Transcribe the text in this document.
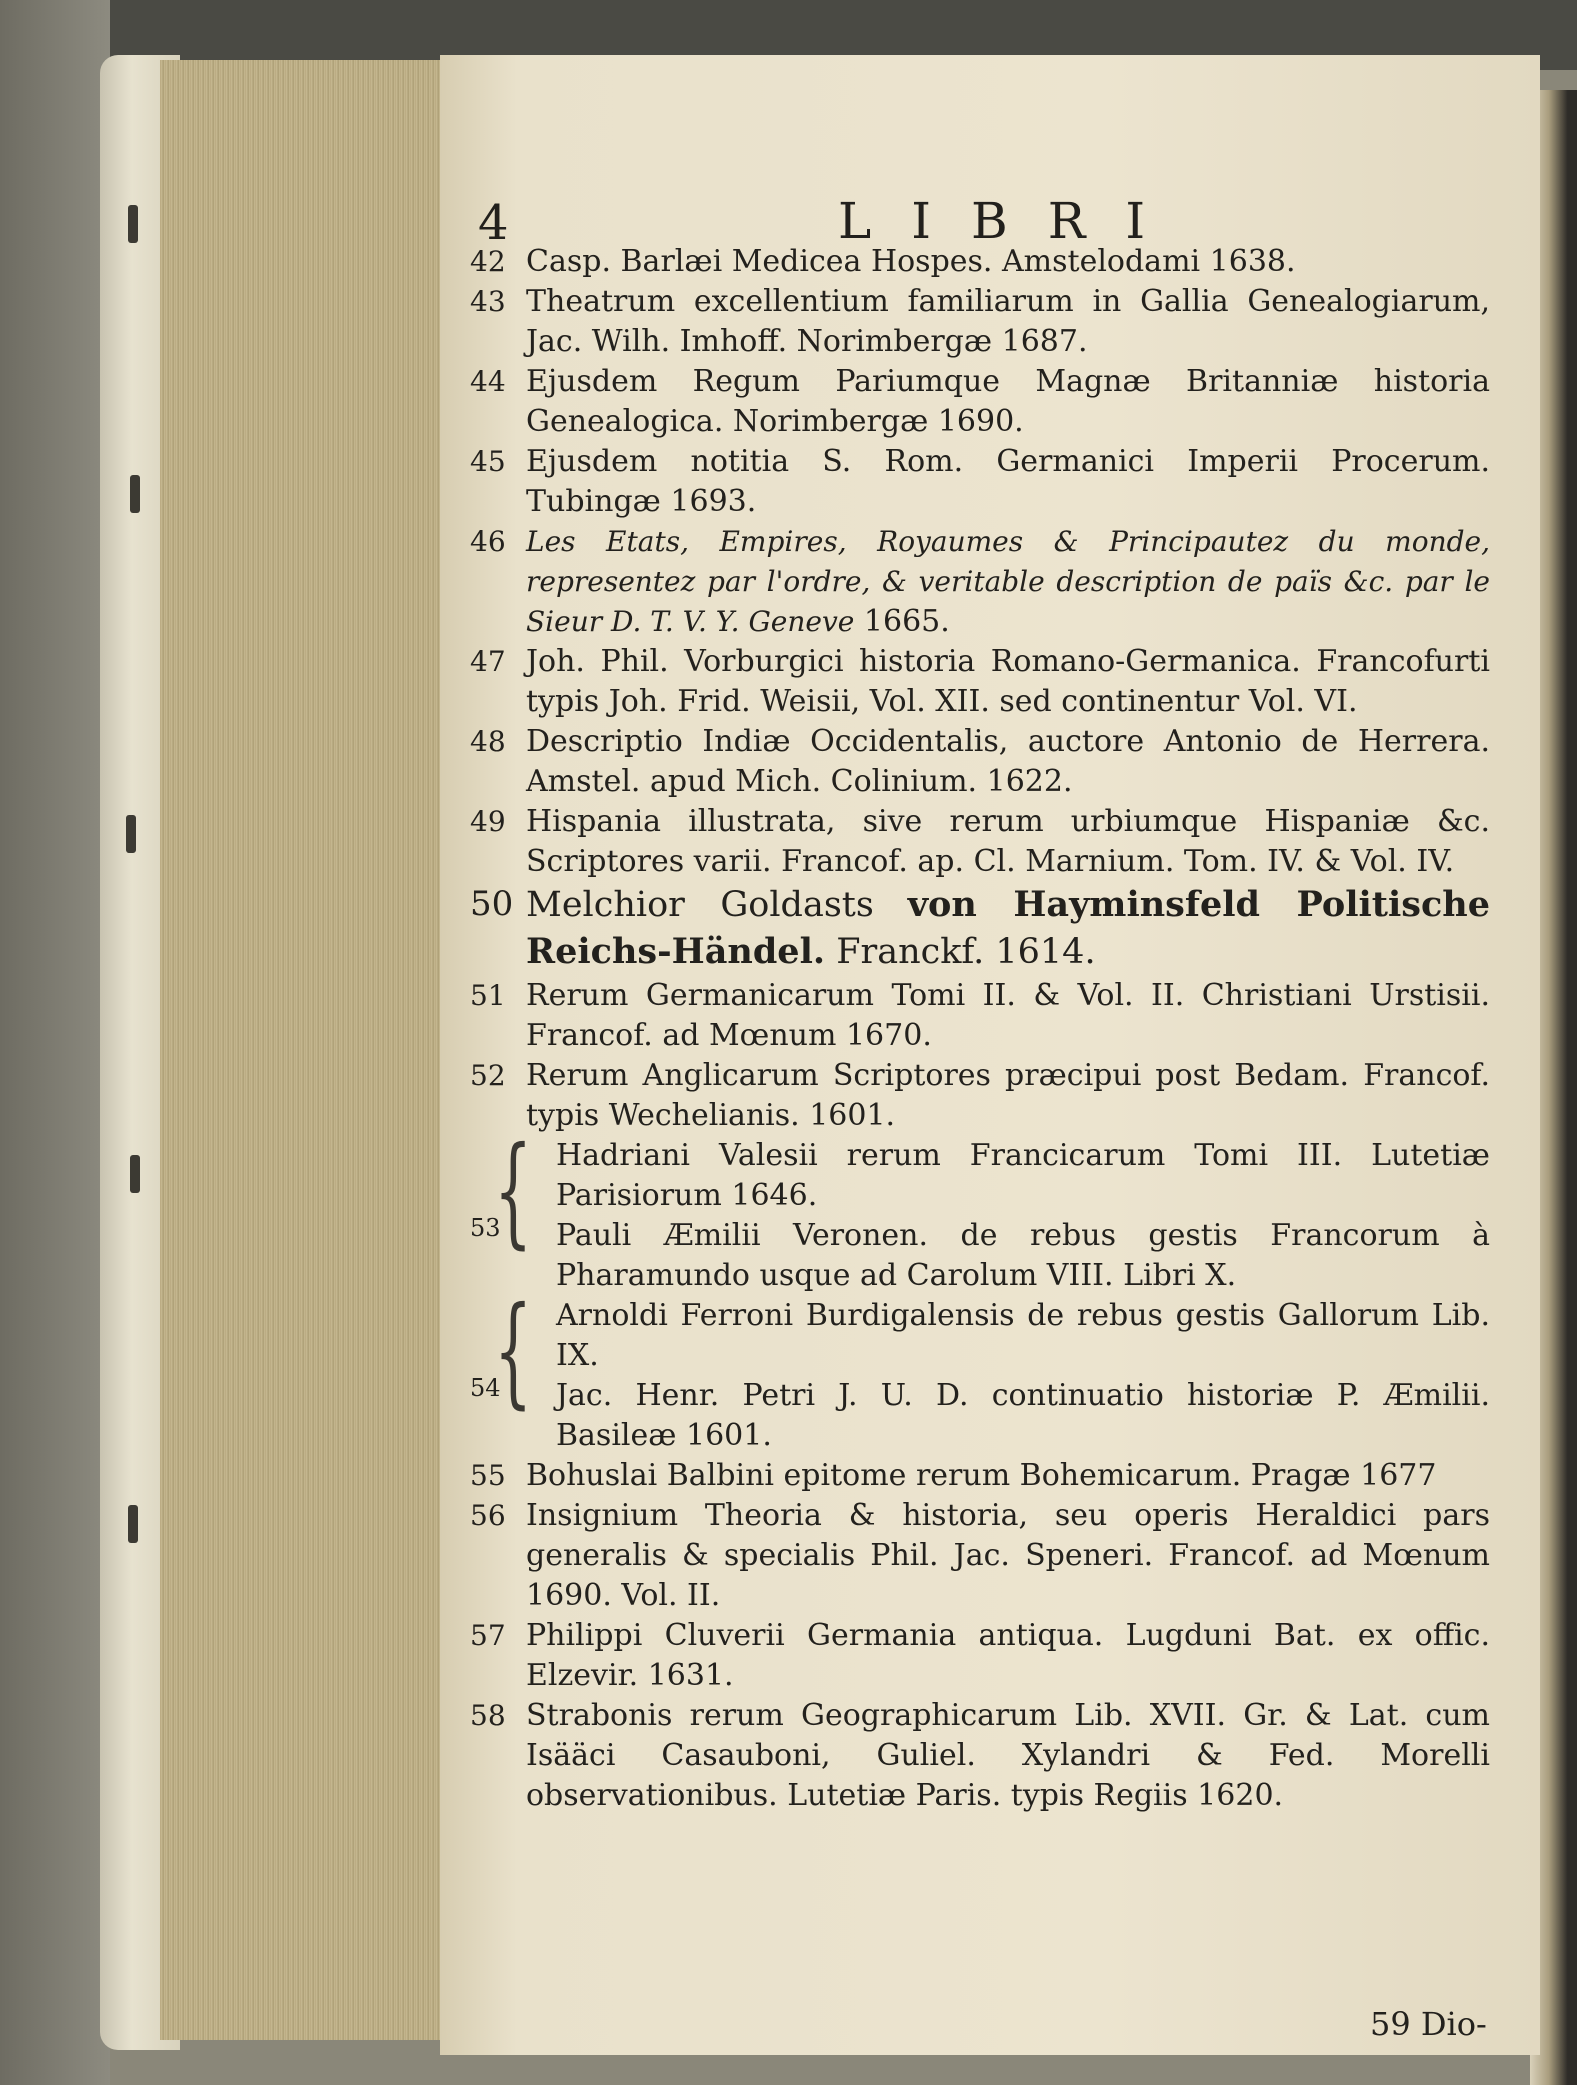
4	LIBRI
42 Casp. Barlæi Medicea Hospes. Amstelodami 1638.
43 Theatrum excellentium familiarum in Gallia Genealogiarum, Jac. Wilh. Imhoff. Norimbergæ 1687.
44 Ejusdem Regum Pariumque Magnæ Britanniæ historia Genealogica. Norimbergæ 1690.
45 Ejusdem notitia S. Rom. Germanici Imperii Procerum. Tubingæ 1693.
46 Les Etats, Empires, Royaumes & Principautez du monde, representez par l'ordre, & veritable description de païs &c. par le Sieur D. T. V. Y. Geneve 1665.
47 Joh. Phil. Vorburgici historia Romano-Germanica. Francofurti typis Joh. Frid. Weisii, Vol. XII. sed continentur Vol. VI.
48 Descriptio Indiæ Occidentalis, auctore Antonio de Herrera. Amstel. apud Mich. Colinium. 1622.
49 Hispania illustrata, sive rerum urbiumque Hispaniæ &c. Scriptores varii. Francof. ap. Cl. Marnium. Tom. IV. & Vol. IV.
50 Melchior Goldasts von Hayminsfeld Politische Reichs-Händel. Franckf. 1614.
51 Rerum Germanicarum Tomi II. & Vol. II. Christiani Urstisii. Francof. ad Mœnum 1670.
52 Rerum Anglicarum Scriptores præcipui post Bedam. Francof. typis Wechelianis. 1601.
53
{ Hadriani Valesii rerum Francicarum Tomi III. Lutetiæ Parisiorum 1646.
Pauli Æmilii Veronen. de rebus gestis Francorum à Pharamundo usque ad Carolum VIII. Libri X.
54
{ Arnoldi Ferroni Burdigalensis de rebus gestis Gallorum Lib. IX.
Jac. Henr. Petri J. U. D. continuatio historiæ P. Æmilii. Basileæ 1601.
55 Bohuslai Balbini epitome rerum Bohemicarum. Pragæ 1677
56 Insignium Theoria & historia, seu operis Heraldici pars generalis & specialis Phil. Jac. Speneri. Francof. ad Mœnum 1690. Vol. II.
57 Philippi Cluverii Germania antiqua. Lugduni Bat. ex offic. Elzevir. 1631.
58 Strabonis rerum Geographicarum Lib. XVII. Gr. & Lat. cum Isääci Casauboni, Guliel. Xylandri & Fed. Morelli observationibus. Lutetiæ Paris. typis Regiis 1620.
59 Dio-
